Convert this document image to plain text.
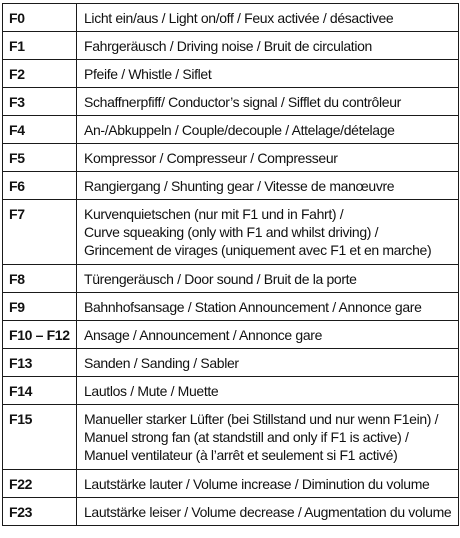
F0	Licht ein/aus / Light on/off / Feux activée / désactivee

F1	Fahrgeräusch / Driving noise / Bruit de circulation

F2	Pfeife / Whistle / Siflet

F3	Schaffnerpfiff/ Conductor’s signal / Sifflet du contrôleur

F4	An-/Abkuppeln / Couple/decouple / Attelage/dételage

F5	Kompressor / Compresseur / Compresseur

F6	Rangiergang / Shunting gear / Vitesse de manœuvre

F7	Kurvenquietschen (nur mit F1 und in Fahrt) /
Curve squeaking (only with F1 and whilst driving) /
Grincement de virages (uniquement avec F1 et en marche)

F8	Türengeräusch / Door sound / Bruit de la porte

F9	Bahnhofsansage / Station Announcement / Annonce gare

F10 – F12	Ansage / Announcement / Annonce gare

F13	Sanden / Sanding / Sabler

F14	Lautlos / Mute / Muette

F15	Manueller starker Lüfter (bei Stillstand und nur wenn F1ein) /
Manuel strong fan (at standstill and only if F1 is active) /
Manuel ventilateur (à l’arrêt et seulement si F1 activé)

F22	Lautstärke lauter / Volume increase / Diminution du volume

F23	Lautstärke leiser / Volume decrease / Augmentation du volume
